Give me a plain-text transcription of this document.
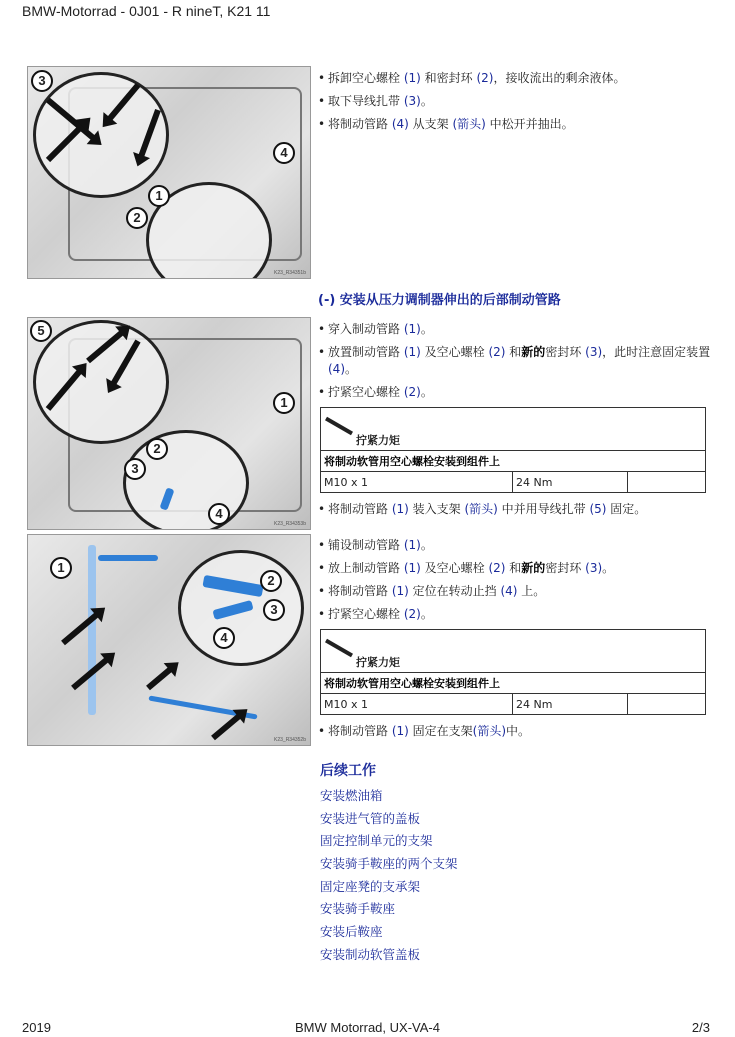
BMW-Motorrad - 0J01 - R nineT, K21 11
3
4
1
2
K23_R34351b
5
1
2
3
4
K23_R34353b
1
2
3
4
K23_R34352b
• 拆卸空心螺栓 (1) 和密封环 (2)，接收流出的剩余液体。
• 取下导线扎带 (3)。
• 将制动管路 (4) 从支架 (箭头) 中松开并抽出。
(-) 安装从压力调制器伸出的后部制动管路
• 穿入制动管路 (1)。
• 放置制动管路 (1) 及空心螺栓 (2) 和新的密封环 (3)，此时注意固定装置 (4)。
• 拧紧空心螺栓 (2)。
拧紧力矩
将制动软管用空心螺栓安装到组件上
M10 x 1	24 Nm	
• 将制动管路 (1) 装入支架 (箭头) 中并用导线扎带 (5) 固定。
• 铺设制动管路 (1)。
• 放上制动管路 (1) 及空心螺栓 (2) 和新的密封环 (3)。
• 将制动管路 (1) 定位在转动止挡 (4) 上。
• 拧紧空心螺栓 (2)。
拧紧力矩
将制动软管用空心螺栓安装到组件上
M10 x 1	24 Nm	
• 将制动管路 (1) 固定在支架(箭头)中。
后续工作
安装燃油箱
安装进气管的盖板
固定控制单元的支架
安装骑手鞍座的两个支架
固定座凳的支承架
安装骑手鞍座
安装后鞍座
安装制动软管盖板
2019	BMW Motorrad, UX-VA-4	2/3
